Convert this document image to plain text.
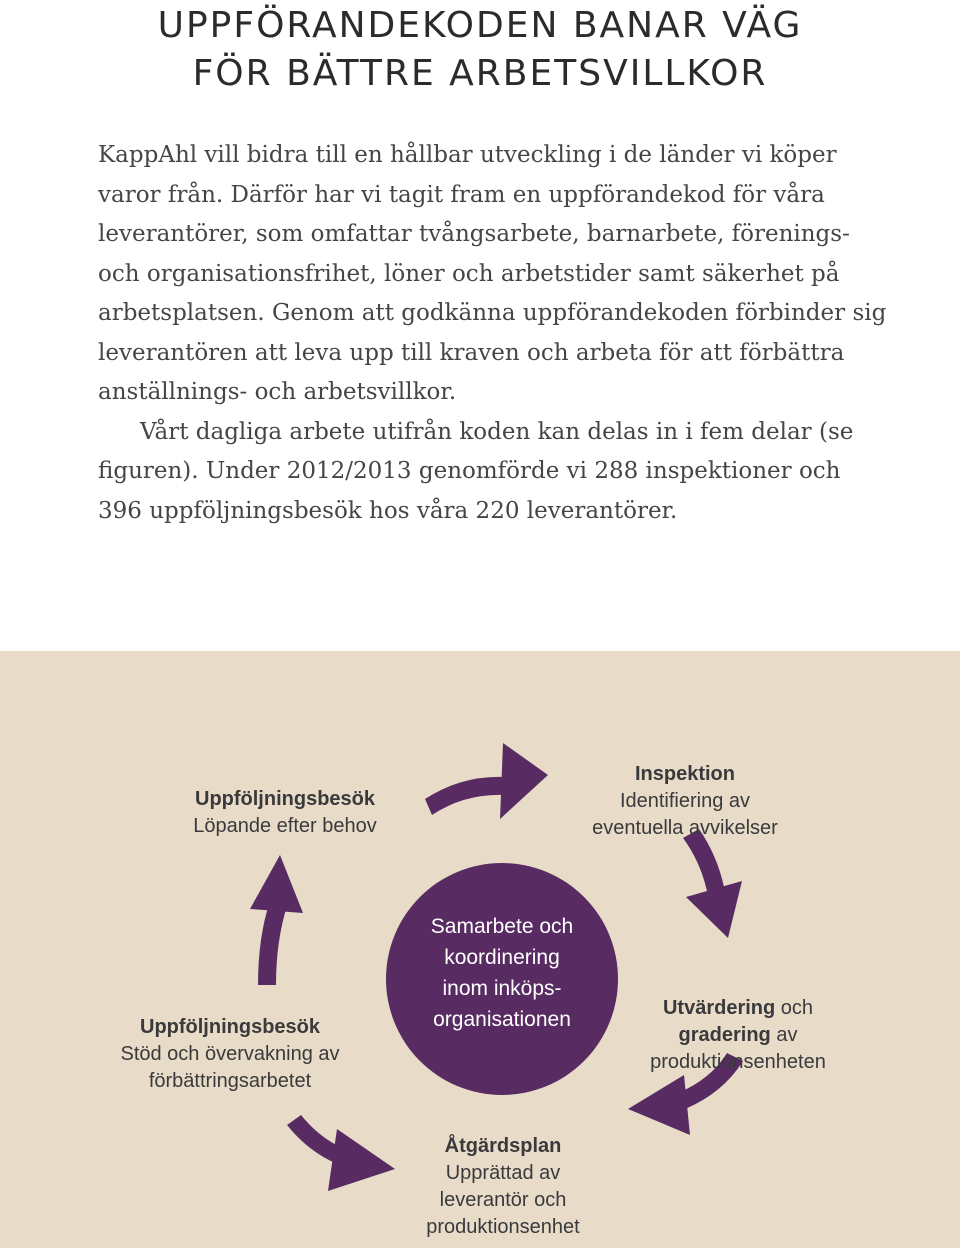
UPPFÖRANDEKODEN BANAR VÄG
FÖR BÄTTRE ARBETSVILLKOR

KappAhl vill bidra till en hållbar utveckling i de länder vi köper varor från. Därför har vi tagit fram en uppförandekod för våra leverantörer, som omfattar tvångsarbete, barnarbete, förenings- och organisationsfrihet, löner och arbetstider samt säkerhet på arbetsplatsen. Genom att godkänna uppförandekoden förbinder sig leverantören att leva upp till kraven och arbeta för att förbättra anställnings- och arbetsvillkor.

Vårt dagliga arbete utifrån koden kan delas in i fem delar (se figuren). Under 2012/2013 genomförde vi 288 inspektioner och 396 uppföljningsbesök hos våra 220 leverantörer.

Samarbete och
koordinering
inom inköps-
organisationen
Inspektion
Identifiering av
eventuella avvikelser
Utvärdering och
gradering av
produktionsenheten
Åtgärdsplan
Upprättad av
leverantör och
produktionsenhet
Uppföljningsbesök
Stöd och övervakning av
förbättringsarbetet
Uppföljningsbesök
Löpande efter behov
